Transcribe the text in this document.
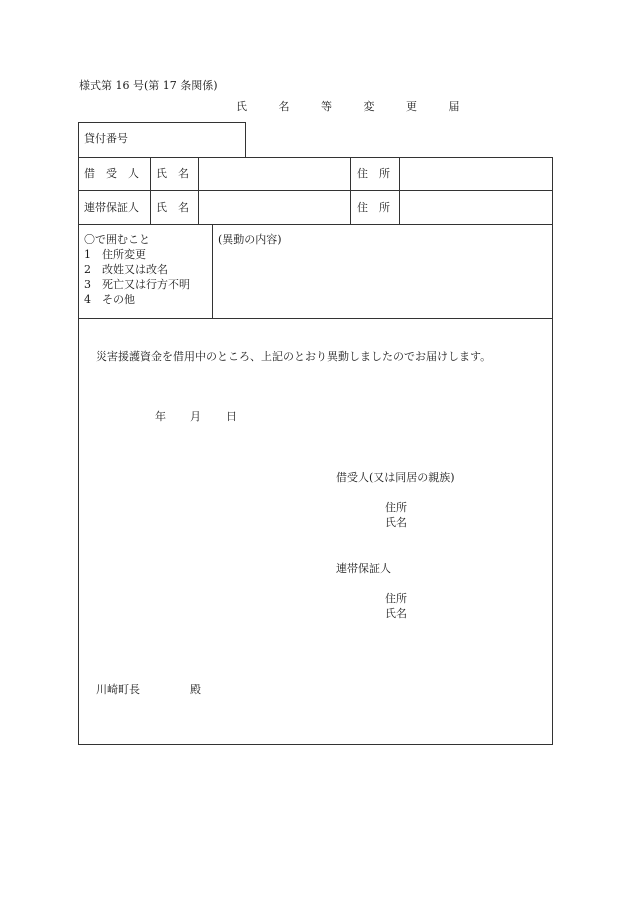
様式第 16 号(第 17 条関係)
氏 名 等 変 更 届
貸付番号
借　受　人 氏　名	住　所
連帯保証人 氏　名	住　所
〇で囲むこと
1　住所変更
2　改姓又は改名
3　死亡又は行方不明
4　その他
(異動の内容)
災害援護資金を借用中のところ、上記のとおり異動しましたのでお届けします。
年 月 日
借受人(又は同居の親族)
住所
氏名
連帯保証人
住所
氏名
川崎町長	殿
